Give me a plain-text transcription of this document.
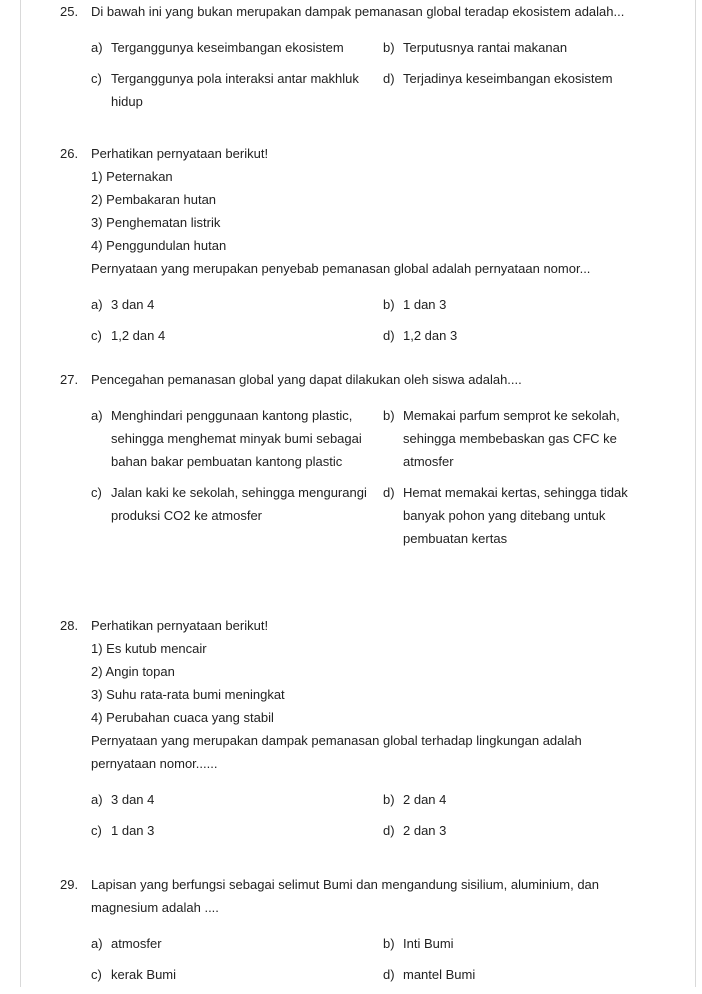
25. Di bawah ini yang bukan merupakan dampak pemanasan global teradap ekosistem adalah...
a) Terganggunya keseimbangan ekosistem	b) Terputusnya rantai makanan
c) Terganggunya pola interaksi antar makhluk hidup
d) Terjadinya keseimbangan ekosistem
26. Perhatikan pernyataan berikut!
1) Peternakan
2) Pembakaran hutan
3) Penghematan listrik
4) Penggundulan hutan
Pernyataan yang merupakan penyebab pemanasan global adalah pernyataan nomor...
a) 3 dan 4	b) 1 dan 3
c) 1,2 dan 4	d) 1,2 dan 3
27. Pencegahan pemanasan global yang dapat dilakukan oleh siswa adalah....
a) Menghindari penggunaan kantong plastic, sehingga menghemat minyak bumi sebagai bahan bakar pembuatan kantong plastic
b) Memakai parfum semprot ke sekolah, sehingga membebaskan gas CFC ke atmosfer
c) Jalan kaki ke sekolah, sehingga mengurangi produksi CO2 ke atmosfer
d) Hemat memakai kertas, sehingga tidak banyak pohon yang ditebang untuk pembuatan kertas
28. Perhatikan pernyataan berikut!
1) Es kutub mencair
2) Angin topan
3) Suhu rata-rata bumi meningkat
4) Perubahan cuaca yang stabil
Pernyataan yang merupakan dampak pemanasan global terhadap lingkungan adalah pernyataan nomor......
a) 3 dan 4	b) 2 dan 4
c) 1 dan 3	d) 2 dan 3
29. Lapisan yang berfungsi sebagai selimut Bumi dan mengandung sisilium, aluminium, dan magnesium adalah ....
a) atmosfer	b) Inti Bumi
c) kerak Bumi	d) mantel Bumi
